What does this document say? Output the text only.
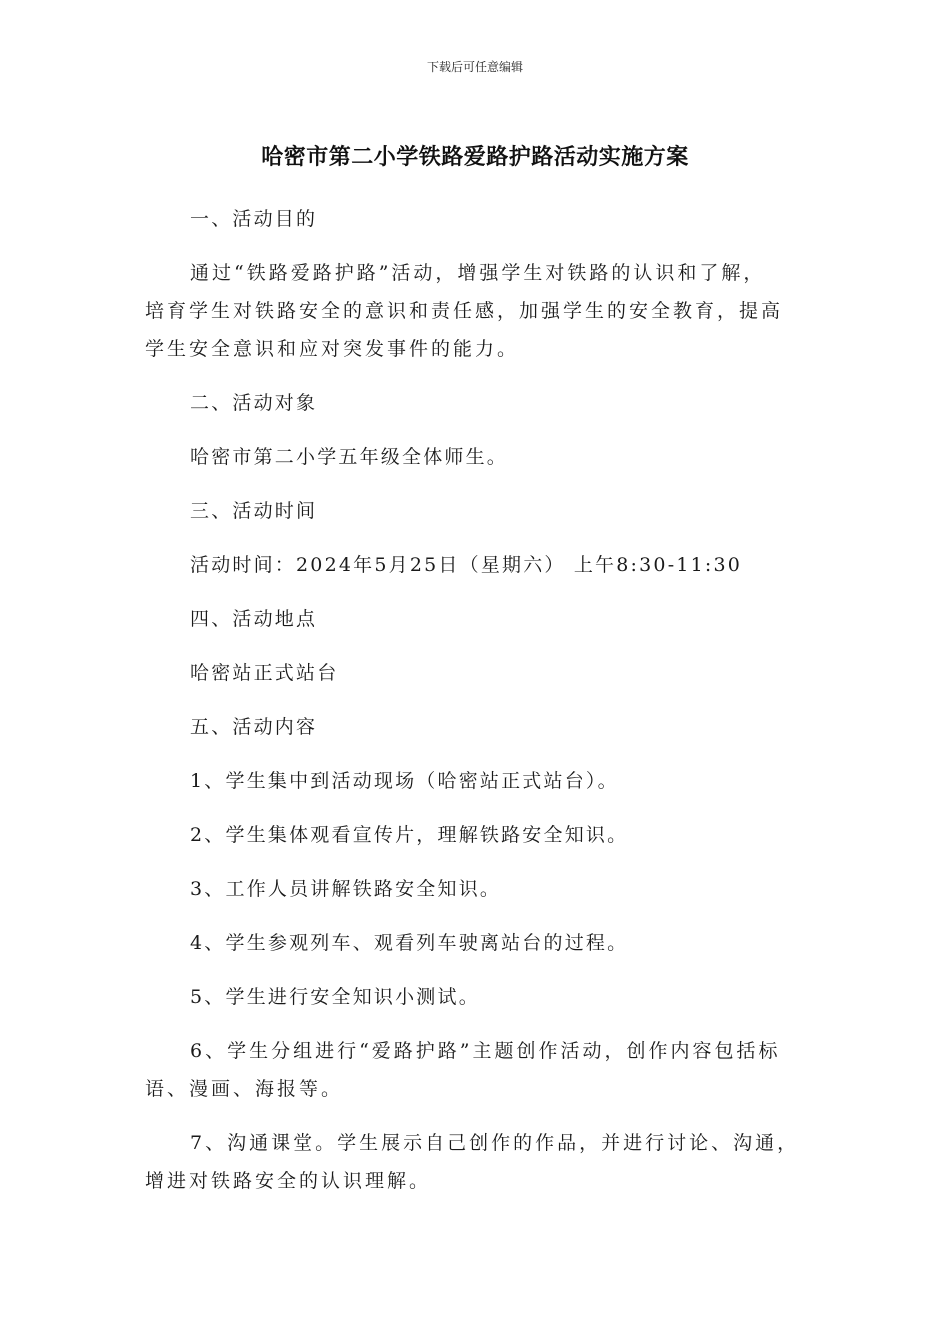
下载后可任意编辑
哈密市第二小学铁路爱路护路活动实施方案
一、活动目的
通过“铁路爱路护路”活动，增强学生对铁路的认识和了解，
培育学生对铁路安全的意识和责任感，加强学生的安全教育，提高
学生安全意识和应对突发事件的能力。
二、活动对象
哈密市第二小学五年级全体师生。
三、活动时间
活动时间：2024年5月25日（星期六） 上午8:30-11:30
四、活动地点
哈密站正式站台
五、活动内容
1、学生集中到活动现场（哈密站正式站台）。
2、学生集体观看宣传片，理解铁路安全知识。
3、工作人员讲解铁路安全知识。
4、学生参观列车、观看列车驶离站台的过程。
5、学生进行安全知识小测试。
6、学生分组进行“爱路护路”主题创作活动，创作内容包括标
语、漫画、海报等。
7、沟通课堂。学生展示自己创作的作品，并进行讨论、沟通，
增进对铁路安全的认识理解。
